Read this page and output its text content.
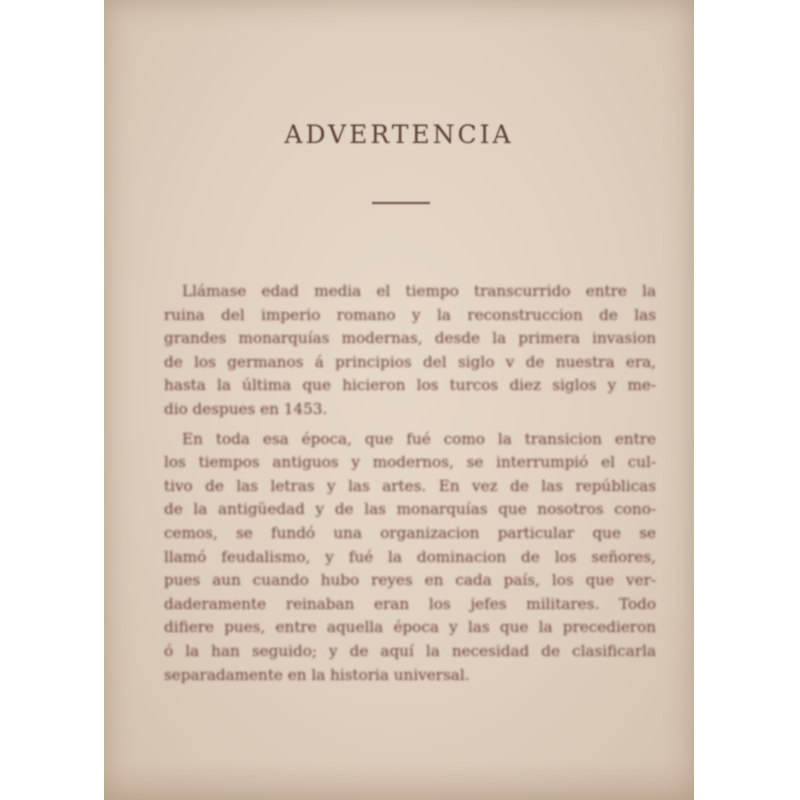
ADVERTENCIA
Llámase edad media el tiempo transcurrido entre la
ruina del imperio romano y la reconstruccion de las
grandes monarquías modernas, desde la primera invasion
de los germanos á principios del siglo v de nuestra era,
hasta la última que hicieron los turcos diez siglos y me-
dio despues en 1453.
En toda esa época, que fué como la transicion entre
los tiempos antiguos y modernos, se interrumpió el cul-
tivo de las letras y las artes. En vez de las repúblicas
de la antigüedad y de las monarquías que nosotros cono-
cemos, se fundó una organizacion particular que se
llamó feudalismo, y fué la dominacion de los señores,
pues aun cuando hubo reyes en cada país, los que ver-
daderamente reinaban eran los jefes militares. Todo
difiere pues, entre aquella época y las que la precedieron
ó la han seguido; y de aquí la necesidad de clasificarla
separadamente en la historia universal.
